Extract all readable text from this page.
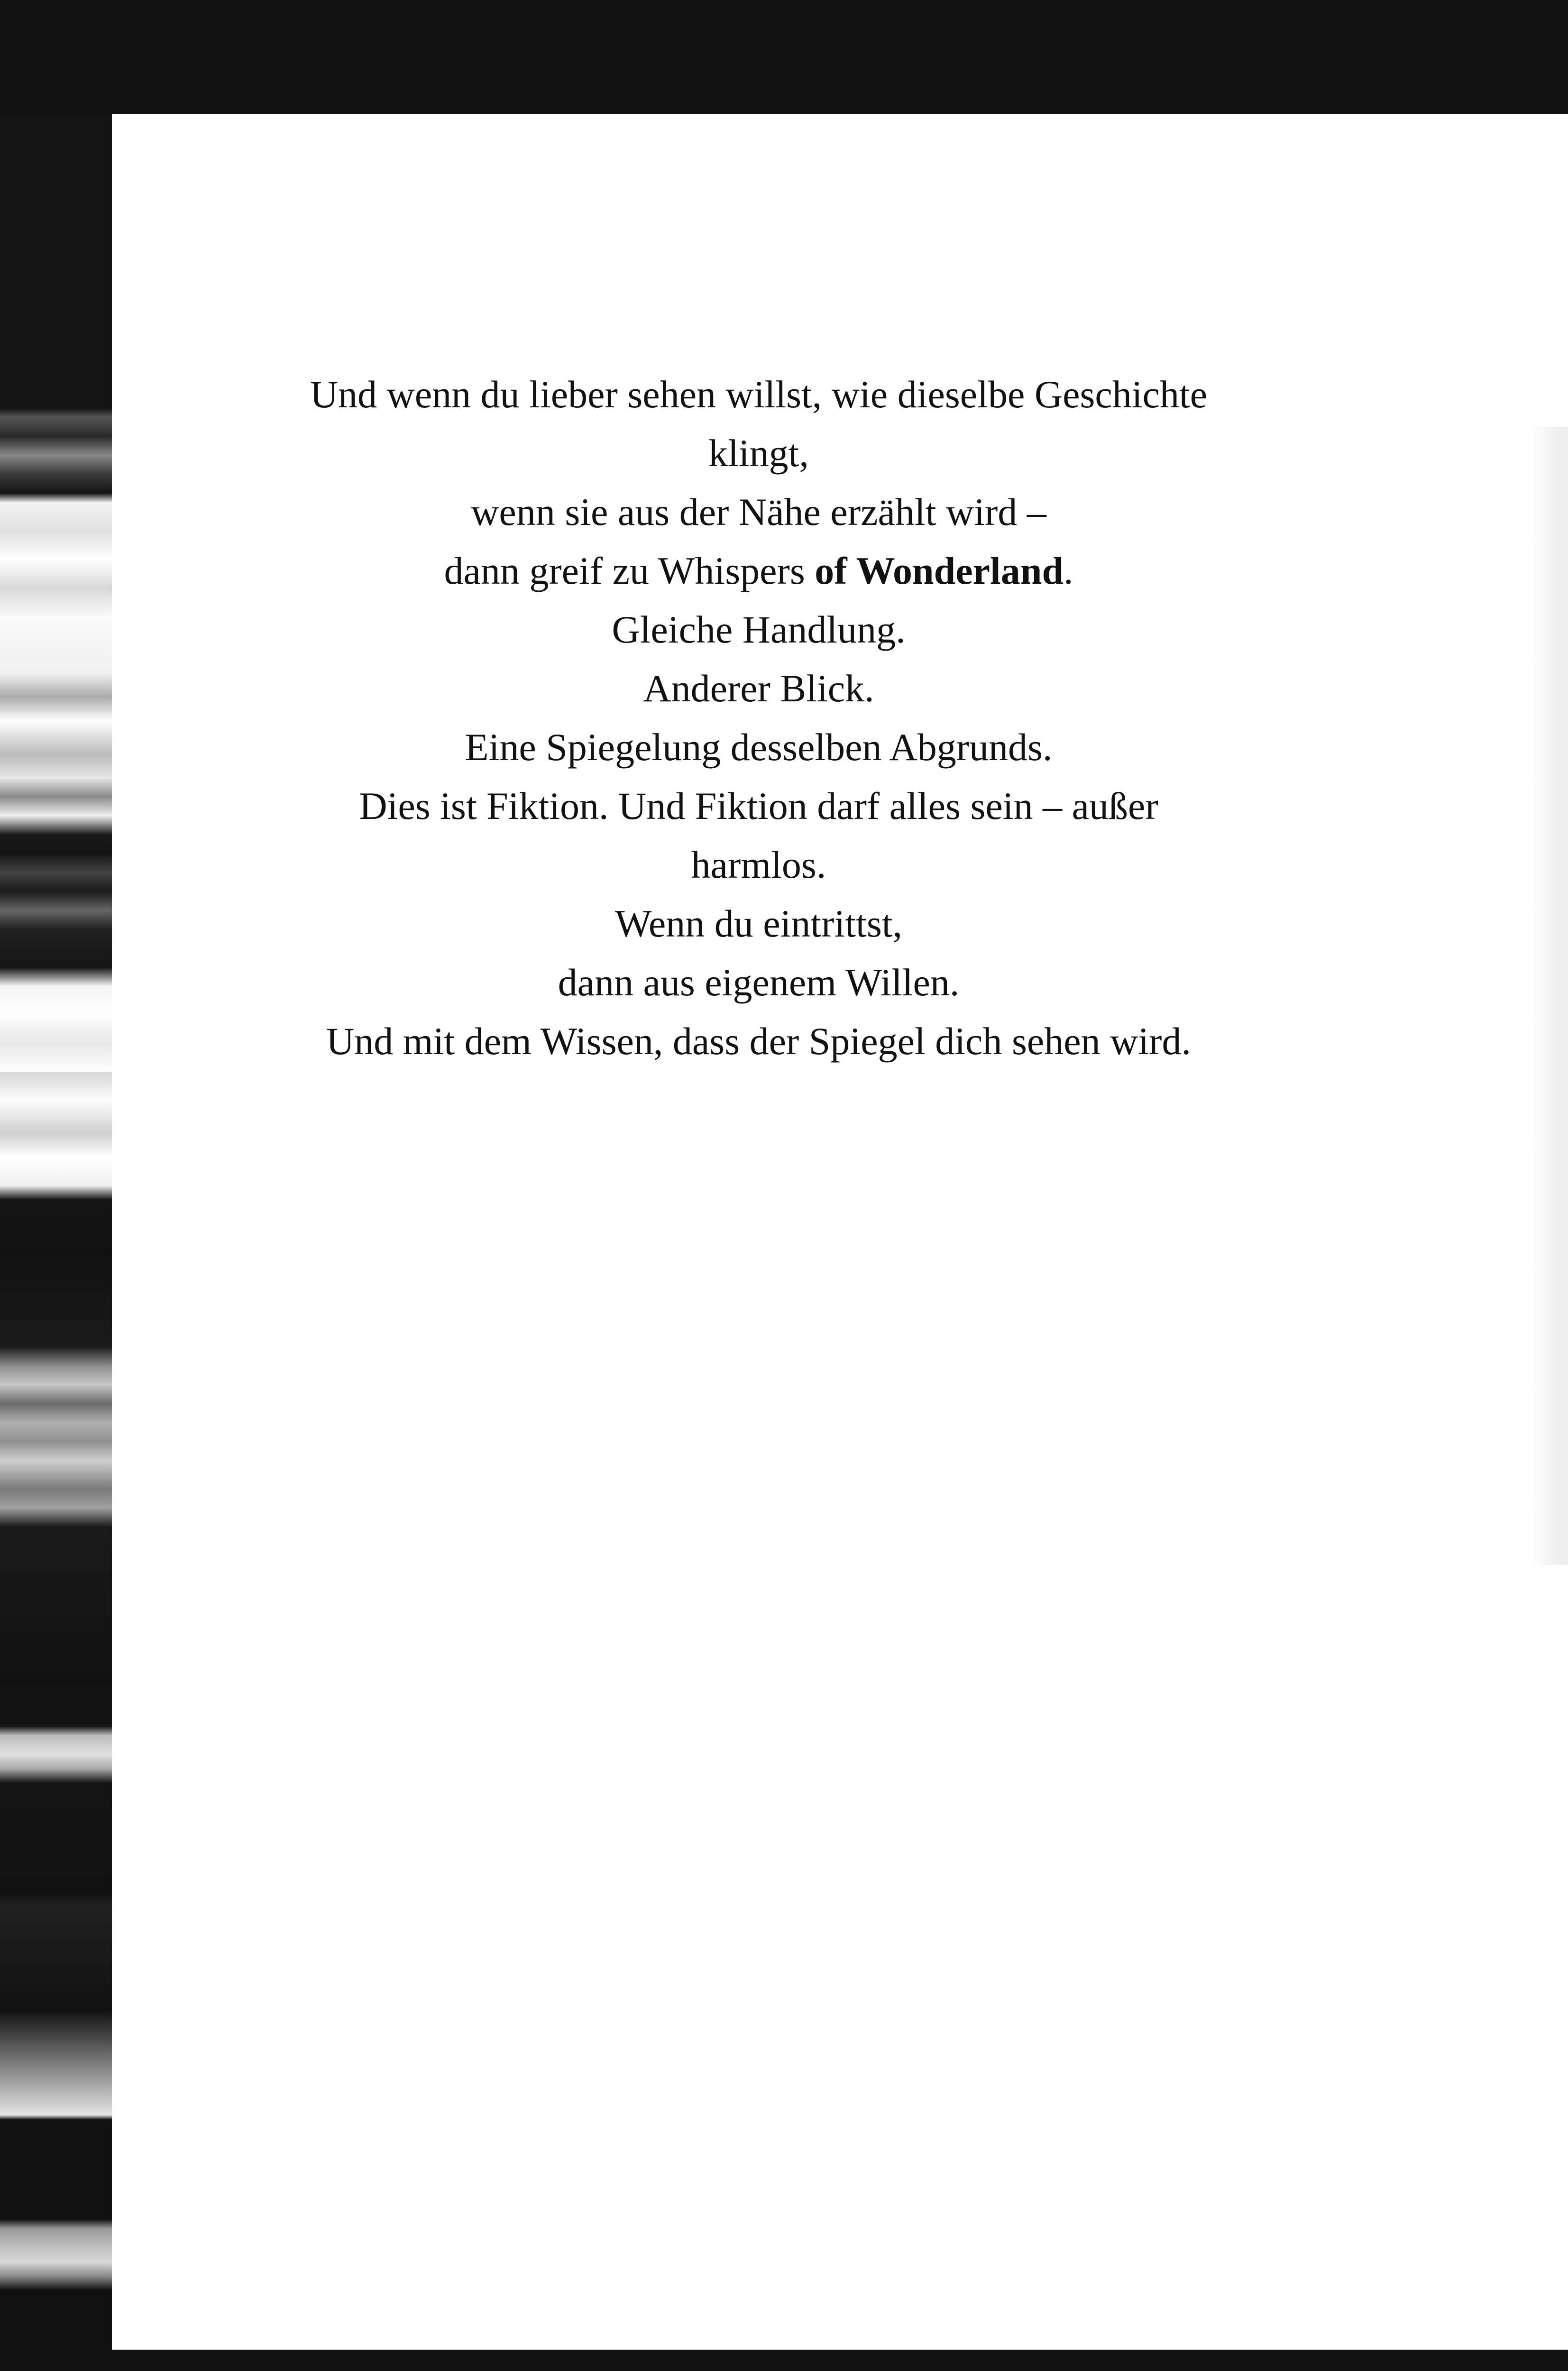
Und wenn du lieber sehen willst, wie dieselbe Geschichte

klingt,

wenn sie aus der Nähe erzählt wird –

dann greif zu Whispers of Wonderland.

Gleiche Handlung.

Anderer Blick.

Eine Spiegelung desselben Abgrunds.

Dies ist Fiktion. Und Fiktion darf alles sein – außer

harmlos.

Wenn du eintrittst,

dann aus eigenem Willen.

Und mit dem Wissen, dass der Spiegel dich sehen wird.
